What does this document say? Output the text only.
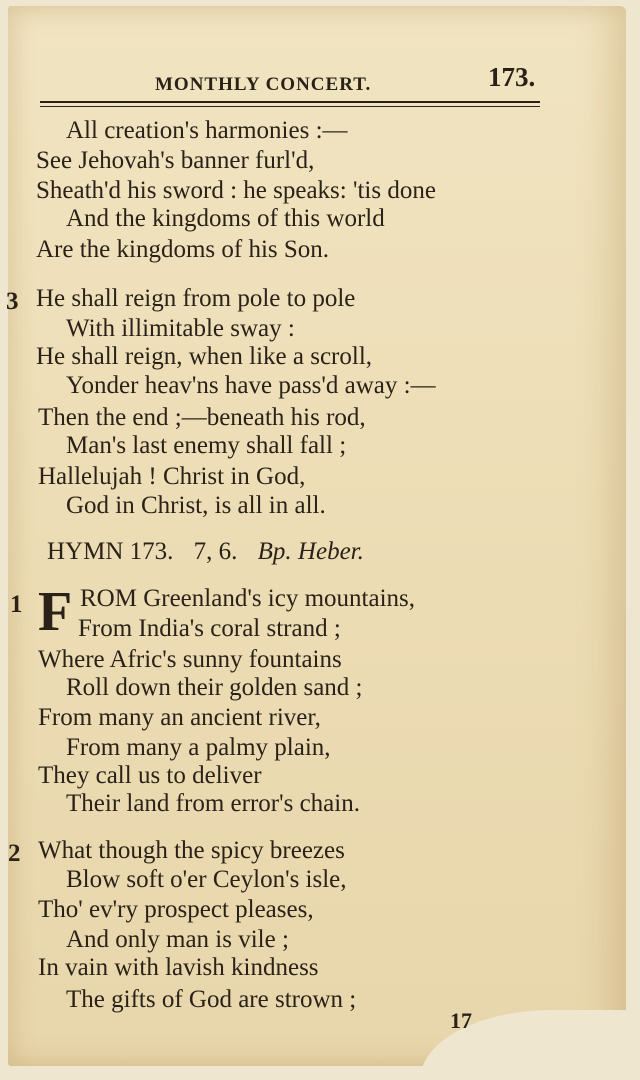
MONTHLY CONCERT.	173.
All creation's harmonies :—
See Jehovah's banner furl'd,
Sheath'd his sword : he speaks: 'tis done
And the kingdoms of this world
Are the kingdoms of his Son.
3 He shall reign from pole to pole
With illimitable sway :
He shall reign, when like a scroll,
Yonder heav'ns have pass'd away :—
Then the end ;—beneath his rod,
Man's last enemy shall fall ;
Hallelujah ! Christ in God,
God in Christ, is all in all.
HYMN 173. 7, 6. Bp. Heber.
1 F ROM Greenland's icy mountains,
From India's coral strand ;
Where Afric's sunny fountains
Roll down their golden sand ;
From many an ancient river,
From many a palmy plain,
They call us to deliver
Their land from error's chain.
2 What though the spicy breezes
Blow soft o'er Ceylon's isle,
Tho' ev'ry prospect pleases,
And only man is vile ;
In vain with lavish kindness
The gifts of God are strown ;
17
